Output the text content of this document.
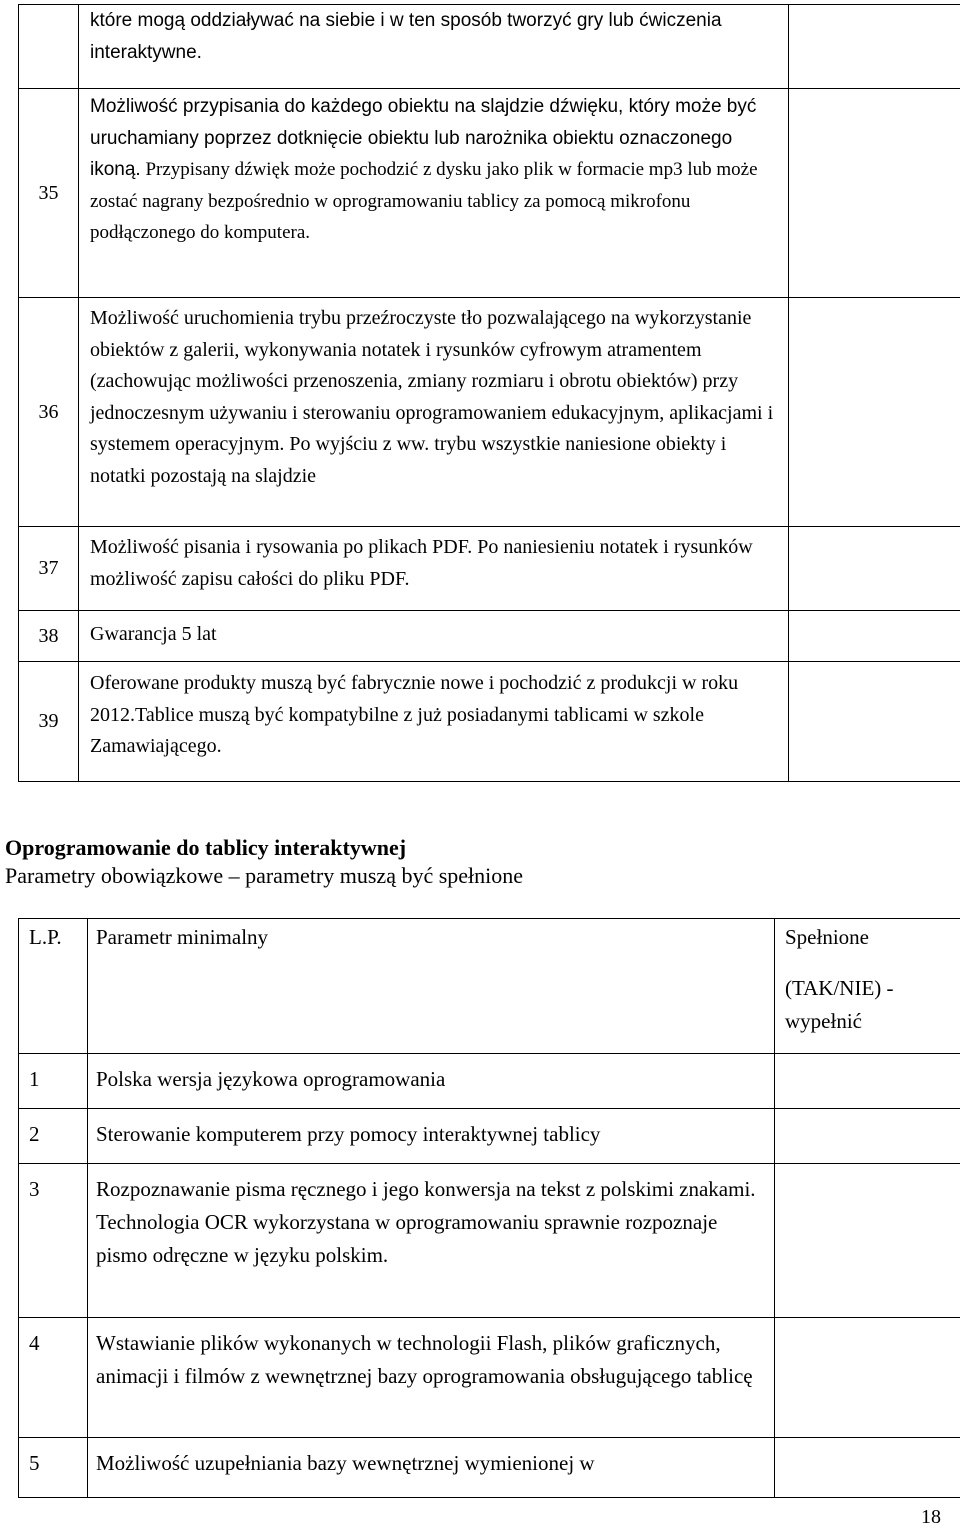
	które mogą oddziaływać na siebie i w ten sposób tworzyć gry lub ćwiczenia interaktywne.	
35	Możliwość przypisania do każdego obiektu na slajdzie dźwięku, który może być uruchamiany poprzez dotknięcie obiektu lub narożnika obiektu oznaczonego ikoną. Przypisany dźwięk może pochodzić z dysku jako plik w formacie mp3 lub może zostać nagrany bezpośrednio w oprogramowaniu tablicy za pomocą mikrofonu podłączonego do komputera.	
36	Możliwość uruchomienia trybu przeźroczyste tło pozwalającego na wykorzystanie obiektów z galerii, wykonywania notatek i rysunków cyfrowym atramentem (zachowując możliwości przenoszenia, zmiany rozmiaru i obrotu obiektów) przy jednoczesnym używaniu i sterowaniu oprogramowaniem edukacyjnym, aplikacjami i systemem operacyjnym. Po wyjściu z ww. trybu wszystkie naniesione obiekty i notatki pozostają na slajdzie	
37	Możliwość pisania i rysowania po plikach PDF. Po naniesieniu notatek i rysunków możliwość zapisu całości do pliku PDF.	
38	Gwarancja 5 lat	
39	Oferowane produkty muszą być fabrycznie nowe i pochodzić z produkcji w roku 2012.Tablice muszą być kompatybilne z już posiadanymi tablicami w szkole Zamawiającego.	
Oprogramowanie do tablicy interaktywnej
Parametry obowiązkowe – parametry muszą być spełnione
L.P.	Parametr minimalny	Spełnione
(TAK/NIE) - wypełnić

1	Polska wersja językowa oprogramowania	
2	Sterowanie komputerem przy pomocy interaktywnej tablicy	
3	Rozpoznawanie pisma ręcznego i jego konwersja na tekst z polskimi znakami. Technologia OCR wykorzystana w oprogramowaniu sprawnie rozpoznaje pismo odręczne w języku polskim.	
4	Wstawianie plików wykonanych w technologii Flash, plików graficznych, animacji i filmów z wewnętrznej bazy oprogramowania obsługującego tablicę	
5	Możliwość uzupełniania bazy wewnętrznej wymienionej w	
18
